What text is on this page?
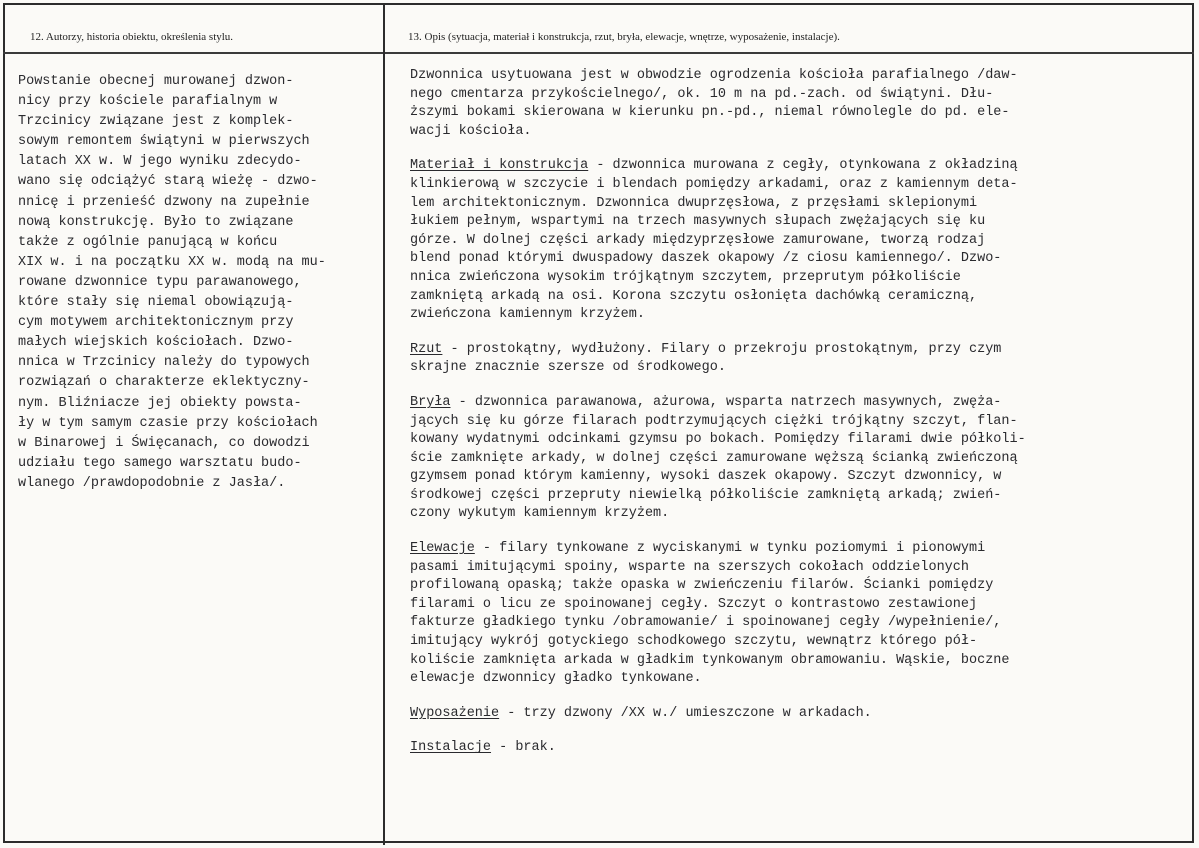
12. Autorzy, historia obiektu, określenia stylu.	13. Opis (sytuacja, materiał i konstrukcja, rzut, bryła, elewacje, wnętrze, wyposażenie, instalacje).
Powstanie obecnej murowanej dzwon-
nicy przy kościele parafialnym w
Trzcinicy związane jest z komplek-
sowym remontem świątyni w pierwszych
latach XX w. W jego wyniku zdecydo-
wano się odciążyć starą wieżę - dzwo-
nnicę i przenieść dzwony na zupełnie
nową konstrukcję. Było to związane
także z ogólnie panującą w końcu
XIX w. i na początku XX w. modą na mu-
rowane dzwonnice typu parawanowego,
które stały się niemal obowiązują-
cym motywem architektonicznym przy
małych wiejskich kościołach. Dzwo-
nnica w Trzcinicy należy do typowych
rozwiązań o charakterze eklektyczny-
nym. Bliźniacze jej obiekty powsta-
ły w tym samym czasie przy kościołach
w Binarowej i Święcanach, co dowodzi
udziału tego samego warsztatu budo-
wlanego /prawdopodobnie z Jasła/.
Dzwonnica usytuowana jest w obwodzie ogrodzenia kościoła parafialnego /daw-
nego cmentarza przykościelnego/, ok. 10 m na pd.-zach. od świątyni. Dłu-
ższymi bokami skierowana w kierunku pn.-pd., niemal równolegle do pd. ele-
wacji kościoła.
Materiał i konstrukcja - dzwonnica murowana z cegły, otynkowana z okładziną
klinkierową w szczycie i blendach pomiędzy arkadami, oraz z kamiennym deta-
lem architektonicznym. Dzwonnica dwuprzęsłowa, z przęsłami sklepionymi
łukiem pełnym, wspartymi na trzech masywnych słupach zwężających się ku
górze. W dolnej części arkady międzyprzęsłowe zamurowane, tworzą rodzaj
blend ponad którymi dwuspadowy daszek okapowy /z ciosu kamiennego/. Dzwo-
nnica zwieńczona wysokim trójkątnym szczytem, przeprutym półkoliście
zamkniętą arkadą na osi. Korona szczytu osłonięta dachówką ceramiczną,
zwieńczona kamiennym krzyżem.
Rzut - prostokątny, wydłużony. Filary o przekroju prostokątnym, przy czym
skrajne znacznie szersze od środkowego.
Bryła - dzwonnica parawanowa, ażurowa, wsparta natrzech masywnych, zwęża-
jących się ku górze filarach podtrzymujących ciężki trójkątny szczyt, flan-
kowany wydatnymi odcinkami gzymsu po bokach. Pomiędzy filarami dwie półkoli-
ście zamknięte arkady, w dolnej części zamurowane węższą ścianką zwieńczoną
gzymsem ponad którym kamienny, wysoki daszek okapowy. Szczyt dzwonnicy, w
środkowej części przepruty niewielką półkoliście zamkniętą arkadą; zwień-
czony wykutym kamiennym krzyżem.
Elewacje - filary tynkowane z wyciskanymi w tynku poziomymi i pionowymi
pasami imitującymi spoiny, wsparte na szerszych cokołach oddzielonych
profilowaną opaską; także opaska w zwieńczeniu filarów. Ścianki pomiędzy
filarami o licu ze spoinowanej cegły. Szczyt o kontrastowo zestawionej
fakturze gładkiego tynku /obramowanie/ i spoinowanej cegły /wypełnienie/,
imitujący wykrój gotyckiego schodkowego szczytu, wewnątrz którego pół-
koliście zamknięta arkada w gładkim tynkowanym obramowaniu. Wąskie, boczne
elewacje dzwonnicy gładko tynkowane.
Wyposażenie - trzy dzwony /XX w./ umieszczone w arkadach.
Instalacje - brak.
